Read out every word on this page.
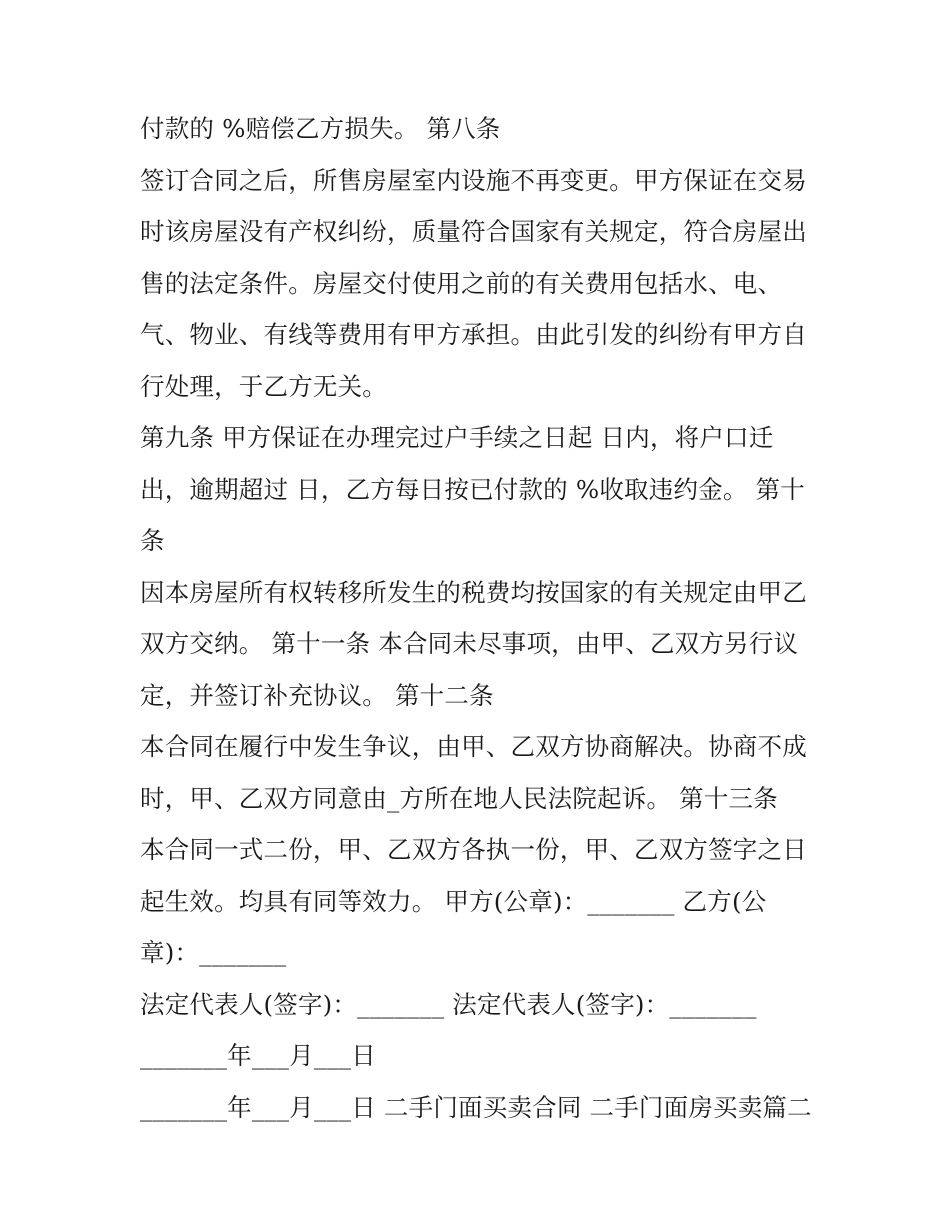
付款的 %赔偿乙方损失。 第八条
签订合同之后，所售房屋室内设施不再变更。甲方保证在交易
时该房屋没有产权纠纷，质量符合国家有关规定，符合房屋出
售的法定条件。房屋交付使用之前的有关费用包括水、电、
气、物业、有线等费用有甲方承担。由此引发的纠纷有甲方自
行处理，于乙方无关。
第九条 甲方保证在办理完过户手续之日起 日内，将户口迁
出，逾期超过 日，乙方每日按已付款的 %收取违约金。 第十
条
因本房屋所有权转移所发生的税费均按国家的有关规定由甲乙
双方交纳。 第十一条 本合同未尽事项，由甲、乙双方另行议
定，并签订补充协议。 第十二条
本合同在履行中发生争议，由甲、乙双方协商解决。协商不成
时，甲、乙双方同意由_方所在地人民法院起诉。 第十三条
本合同一式二份，甲、乙双方各执一份，甲、乙双方签字之日
起生效。均具有同等效力。 甲方(公章)：_______ 乙方(公
章)：_______
法定代表人(签字)：_______ 法定代表人(签字)：_______
_______年___月___日
_______年___月___日 二手门面买卖合同 二手门面房买卖篇二
